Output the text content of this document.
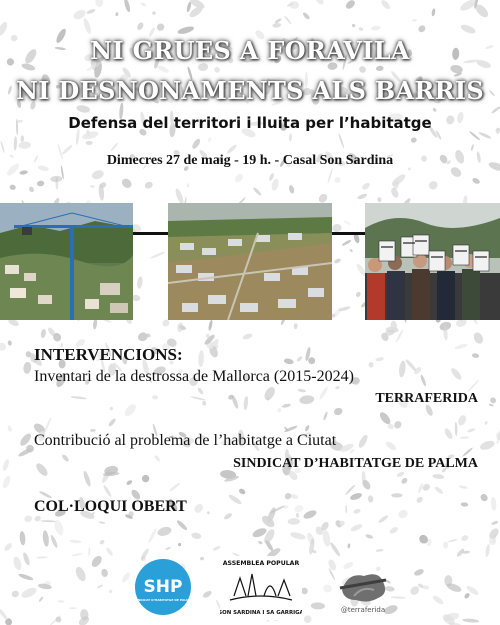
NI GRUES A FORAVILA
NI DESNONAMENTS ALS BARRIS
Defensa del territori i lluita per l’habitatge
Dimecres 27 de maig - 19 h. - Casal Son Sardina
INTERVENCIONS:
Inventari de la destrossa de Mallorca (2015-2024)
TERRAFERIDA
Contribució al problema de l’habitatge a Ciutat
SINDICAT D’HABITATGE DE PALMA
COL·LOQUI OBERT
SHP
SINDICAT D'HABITATGE DE PALMA
ASSEMBLEA POPULAR
SON SARDINA I SA GARRIGA	@terraferida
